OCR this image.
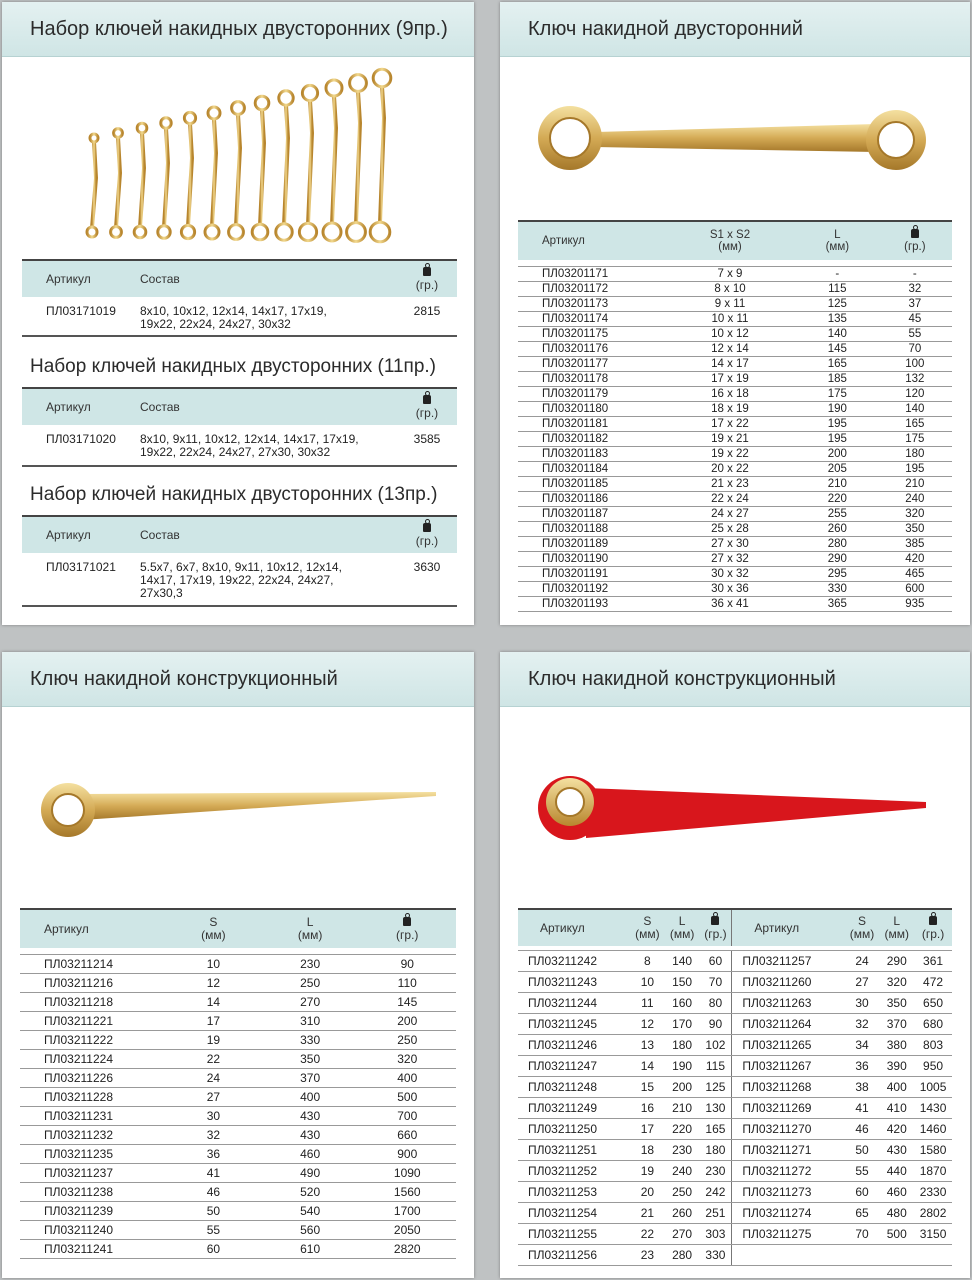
Набор ключей накидных двусторонних (9пр.)
Артикул	Состав	(гр.)
ПЛ03171019	8х10, 10х12, 12х14, 14х17, 17х19,
19х22, 22х24, 24х27, 30х32	2815
Набор ключей накидных двусторонних (11пр.)
Артикул	Состав	(гр.)
ПЛ03171020	8х10, 9х11, 10х12, 12х14, 14х17, 17х19,
19х22, 22х24, 24х27, 27х30, 30х32	3585
Набор ключей накидных двусторонних (13пр.)
Артикул	Состав	(гр.)
ПЛ03171021	5.5х7, 6х7, 8х10, 9х11, 10х12, 12х14,
14х17, 17х19, 19х22, 22х24, 24х27,
27х30,3	3630
Ключ накидной двусторонний
Ключ накидной конструкционный	Ключ накидной конструкционный
Артикул	S
(мм)	L
(мм)	(гр.)

ПЛ03211214	10	230	90
ПЛ03211216	12	250	110
ПЛ03211218	14	270	145
ПЛ03211221	17	310	200
ПЛ03211222	19	330	250
ПЛ03211224	22	350	320
ПЛ03211226	24	370	400
ПЛ03211228	27	400	500
ПЛ03211231	30	430	700
ПЛ03211232	32	430	660
ПЛ03211235	36	460	900
ПЛ03211237	41	490	1090
ПЛ03211238	46	520	1560
ПЛ03211239	50	540	1700
ПЛ03211240	55	560	2050
ПЛ03211241	60	610	2820
Артикул	S
(мм)	L
(мм)	(гр.)	Артикул	S
(мм)	L
(мм)	(гр.)

ПЛ03211242	8	140	60	ПЛ03211257	24	290	361
ПЛ03211243	10	150	70	ПЛ03211260	27	320	472
ПЛ03211244	11	160	80	ПЛ03211263	30	350	650
ПЛ03211245	12	170	90	ПЛ03211264	32	370	680
ПЛ03211246	13	180	102	ПЛ03211265	34	380	803
ПЛ03211247	14	190	115	ПЛ03211267	36	390	950
ПЛ03211248	15	200	125	ПЛ03211268	38	400	1005
ПЛ03211249	16	210	130	ПЛ03211269	41	410	1430
ПЛ03211250	17	220	165	ПЛ03211270	46	420	1460
ПЛ03211251	18	230	180	ПЛ03211271	50	430	1580
ПЛ03211252	19	240	230	ПЛ03211272	55	440	1870
ПЛ03211253	20	250	242	ПЛ03211273	60	460	2330
ПЛ03211254	21	260	251	ПЛ03211274	65	480	2802
ПЛ03211255	22	270	303	ПЛ03211275	70	500	3150
ПЛ03211256	23	280	330				
Артикул	S1 x S2
(мм)	L
(мм)	(гр.)

ПЛ03201171	7 х 9	-	-
ПЛ03201172	8 х 10	115	32
ПЛ03201173	9 х 11	125	37
ПЛ03201174	10 х 11	135	45
ПЛ03201175	10 х 12	140	55
ПЛ03201176	12 х 14	145	70
ПЛ03201177	14 х 17	165	100
ПЛ03201178	17 х 19	185	132
ПЛ03201179	16 х 18	175	120
ПЛ03201180	18 х 19	190	140
ПЛ03201181	17 х 22	195	165
ПЛ03201182	19 х 21	195	175
ПЛ03201183	19 х 22	200	180
ПЛ03201184	20 х 22	205	195
ПЛ03201185	21 х 23	210	210
ПЛ03201186	22 х 24	220	240
ПЛ03201187	24 х 27	255	320
ПЛ03201188	25 х 28	260	350
ПЛ03201189	27 х 30	280	385
ПЛ03201190	27 х 32	290	420
ПЛ03201191	30 х 32	295	465
ПЛ03201192	30 х 36	330	600
ПЛ03201193	36 х 41	365	935
